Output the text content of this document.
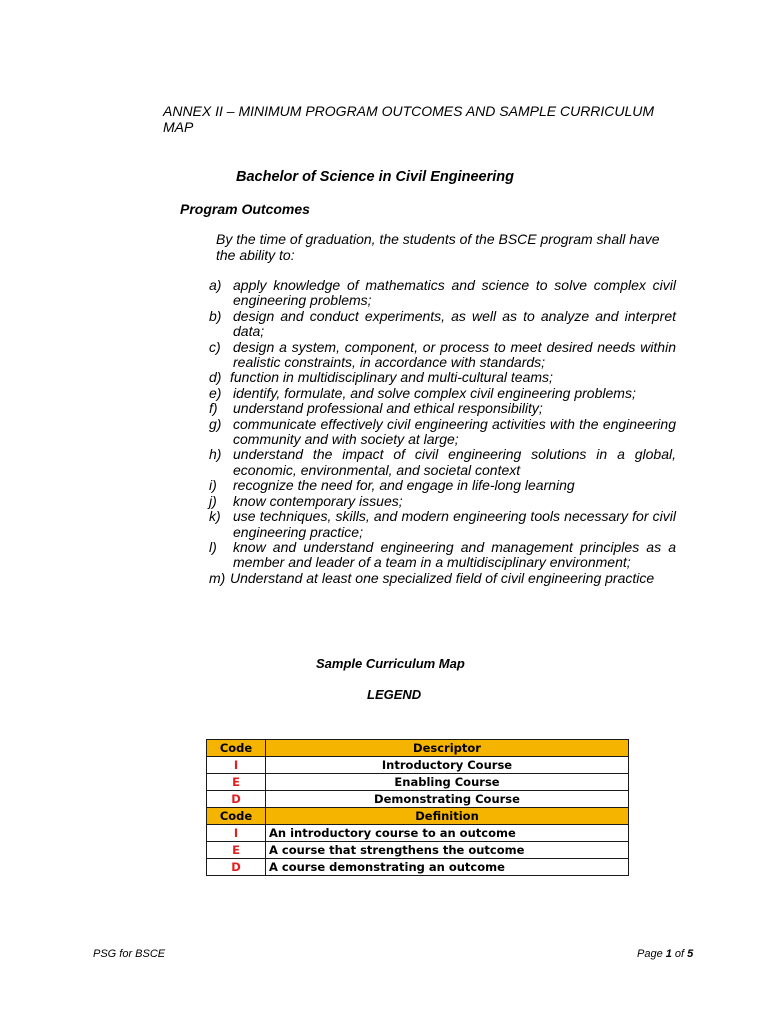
ANNEX II – MINIMUM PROGRAM OUTCOMES AND SAMPLE CURRICULUM MAP

Bachelor of Science in Civil Engineering

Program Outcomes

By the time of graduation, the students of the BSCE program shall have the ability to:

a) apply knowledge of mathematics and science to solve complex civil engineering problems;
b) design and conduct experiments, as well as to analyze and interpret data;
c) design a system, component, or process to meet desired needs within realistic constraints, in accordance with standards;
d) function in multidisciplinary and multi-cultural teams;
e) identify, formulate, and solve complex civil engineering problems;
f)	understand professional and ethical responsibility;
g) communicate effectively civil engineering activities with the engineering community and with society at large;
h) understand the impact of civil engineering solutions in a global, economic, environmental, and societal context
i)	recognize the need for, and engage in life-long learning
j)	know contemporary issues;
k) use techniques, skills, and modern engineering tools necessary for civil engineering practice;
l)	know and understand engineering and management principles as a member and leader of a team in a multidisciplinary environment;
m) Understand at least one specialized field of civil engineering practice

Sample Curriculum Map

LEGEND

Code	Descriptor
I	Introductory Course
E	Enabling Course
D	Demonstrating Course
Code	Definition
I	An introductory course to an outcome
E	A course that strengthens the outcome
D	A course demonstrating an outcome

PSG for BSCE	Page 1 of 5
